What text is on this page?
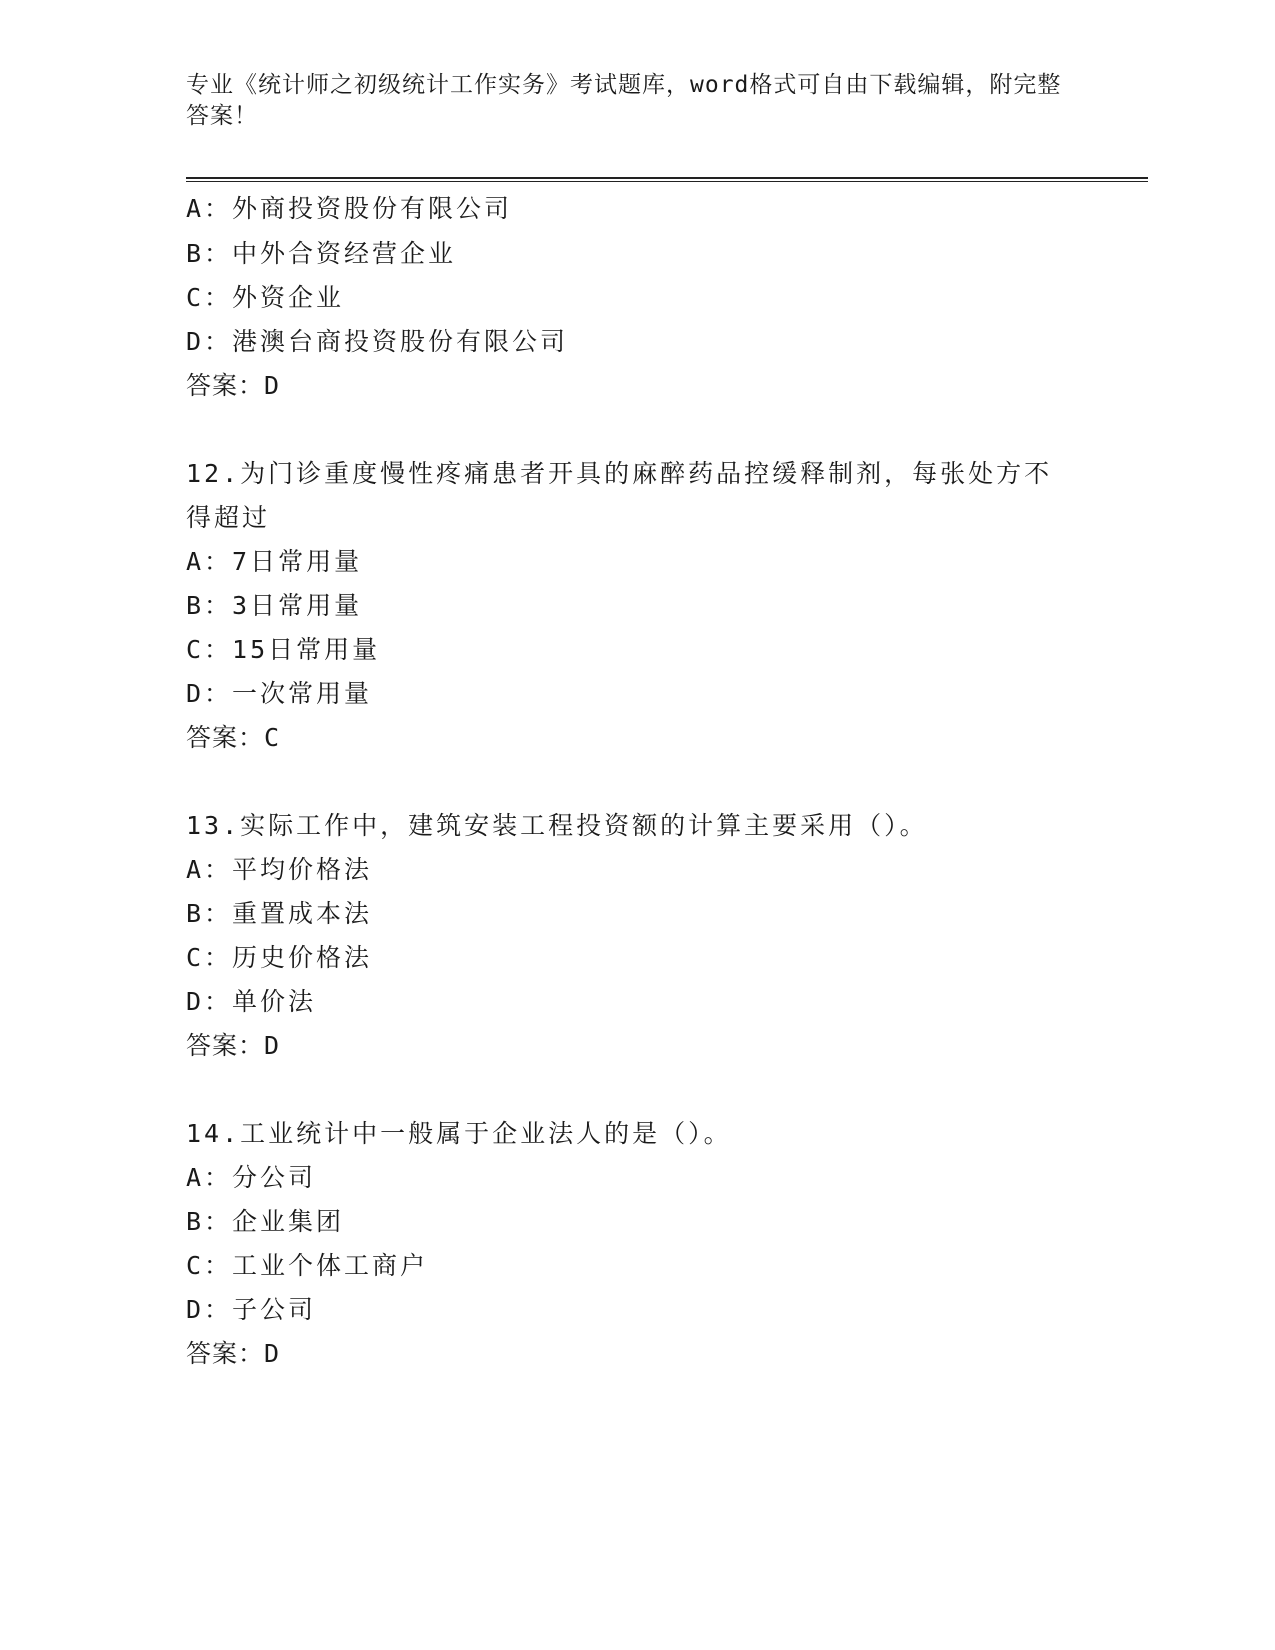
专业《统计师之初级统计工作实务》考试题库，word格式可自由下载编辑，附完整答案！
A：外商投资股份有限公司
B：中外合资经营企业
C：外资企业
D：港澳台商投资股份有限公司
答案：D
12.为门诊重度慢性疼痛患者开具的麻醉药品控缓释制剂，每张处方不
得超过
A：7日常用量
B：3日常用量
C：15日常用量
D：一次常用量
答案：C
13.实际工作中，建筑安装工程投资额的计算主要采用（）。
A：平均价格法
B：重置成本法
C：历史价格法
D：单价法
答案：D
14.工业统计中一般属于企业法人的是（）。
A：分公司
B：企业集团
C：工业个体工商户
D：子公司
答案：D
